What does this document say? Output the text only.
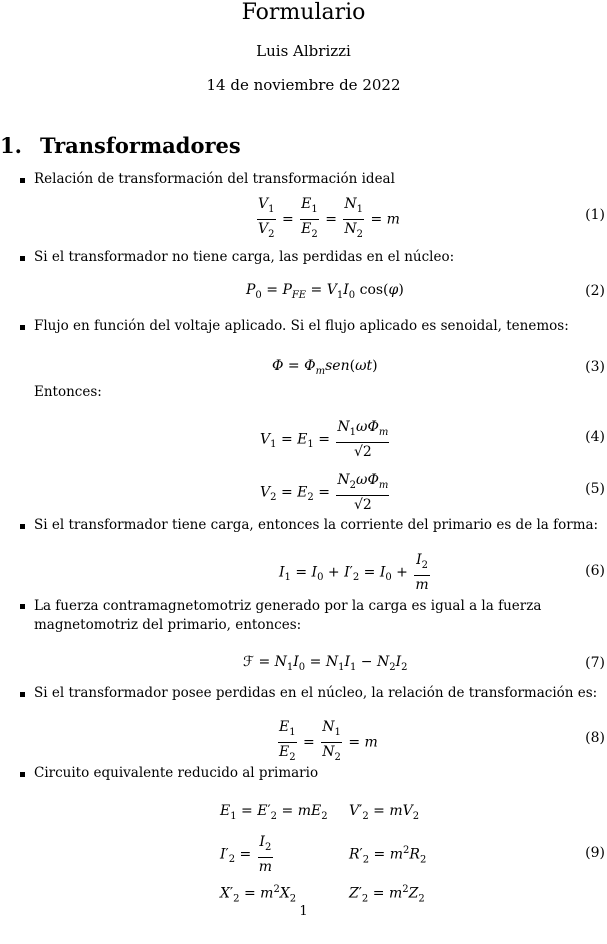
Formulario
Luis Albrizzi
14 de noviembre de 2022
1. Transformadores
Relación de transformación del transformación ideal
$\frac{V_1}{V_2} = \frac{E_1}{E_2} = \frac{N_1}{N_2} = m$	(1)
Si el transformador no tiene carga, las perdidas en el núcleo:
$P_0 = P_{FE} = V_1I_0$ cos(φ)	(2)
Flujo en función del voltaje aplicado. Si el flujo aplicado es senoidal, tenemos:
$\Phi = \Phi_msen(\omega t)$	(3)
Entonces:
$V_1 = E_1 = \frac{N_1\omega\Phi_m}{√2}$	(4)
$V_2 = E_2 = \frac{N_2\omega\Phi_m}{√2}$	(5)
Si el transformador tiene carga, entonces la corriente del primario es de la forma:
$I_1 = I_0 + I'_2 = I_0 + \frac{I_2}{m}$	(6)
La fuerza contramagnetomotriz generado por la carga es igual a la fuerza magnetomotriz del primario, entonces:
ℱ = $N_1I_0 = N_1I_1 - N_2I_2$	(7)
Si el transformador posee perdidas en el núcleo, la relación de transformación es:
$\frac{E_1}{E_2} = \frac{N_1}{N_2} = m$	(8)
Circuito equivalente reducido al primario
$E_1 = E'_2 = mE_2$ $V'_2 = mV_2$
$I'_2 = \frac{I_2}{m}$	$R'_2 = m^2R_2$	(9)
$X'_2 = m^2X_2$	$Z'_2 = m^2Z_2$
1
